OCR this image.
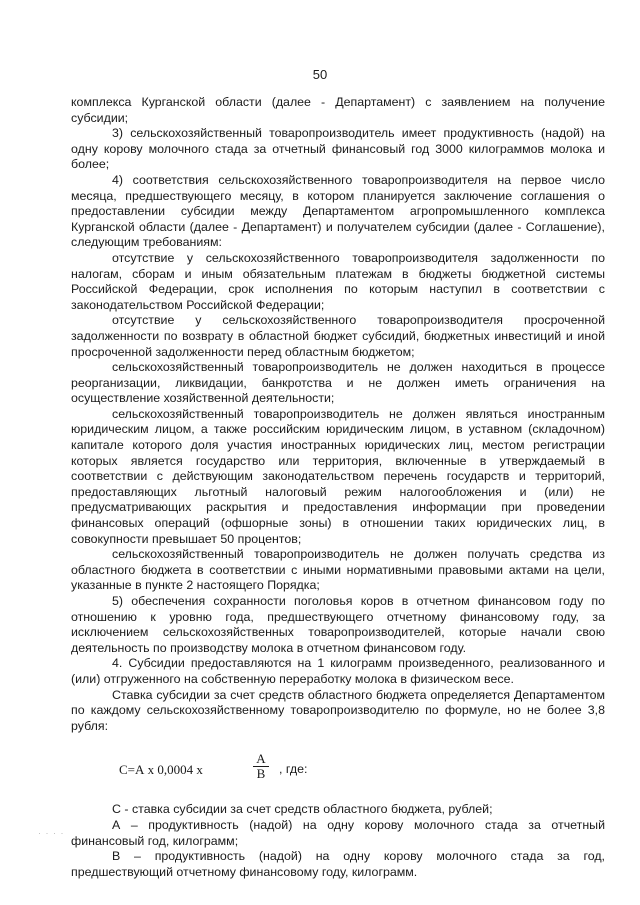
50

комплекса Курганской области (далее - Департамент) с заявлением на получение субсидии;

3) сельскохозяйственный товаропроизводитель имеет продуктивность (надой) на одну корову молочного стада за отчетный финансовый год 3000 килограммов молока и более;

4) соответствия сельскохозяйственного товаропроизводителя на первое число месяца, предшествующего месяцу, в котором планируется заключение соглашения о предоставлении субсидии между Департаментом агропромышленного комплекса Курганской области (далее - Департамент) и получателем субсидии (далее - Соглашение), следующим требованиям:

отсутствие у сельскохозяйственного товаропроизводителя задолженности по налогам, сборам и иным обязательным платежам в бюджеты бюджетной системы Российской Федерации, срок исполнения по которым наступил в соответствии с законодательством Российской Федерации;

отсутствие у сельскохозяйственного товаропроизводителя просроченной задолженности по возврату в областной бюджет субсидий, бюджетных инвестиций и иной просроченной задолженности перед областным бюджетом;

сельскохозяйственный товаропроизводитель не должен находиться в процессе реорганизации, ликвидации, банкротства и не должен иметь ограничения на осуществление хозяйственной деятельности;

сельскохозяйственный товаропроизводитель не должен являться иностранным юридическим лицом, а также российским юридическим лицом, в уставном (складочном) капитале которого доля участия иностранных юридических лиц, местом регистрации которых является государство или территория, включенные в утверждаемый в соответствии с действующим законодательством перечень государств и территорий, предоставляющих льготный налоговый режим налогообложения и (или) не предусматривающих раскрытия и предоставления информации при проведении финансовых операций (офшорные зоны) в отношении таких юридических лиц, в совокупности превышает 50 процентов;

сельскохозяйственный товаропроизводитель не должен получать средства из областного бюджета в соответствии с иными нормативными правовыми актами на цели, указанные в пункте 2 настоящего Порядка;

5) обеспечения сохранности поголовья коров в отчетном финансовом году по отношению к уровню года, предшествующего отчетному финансовому году, за исключением сельскохозяйственных товаропроизводителей, которые начали свою деятельность по производству молока в отчетном финансовом году.

4. Субсидии предоставляются на 1 килограмм произведенного, реализованного и (или) отгруженного на собственную переработку молока в физическом весе.

Ставка субсидии за счет средств областного бюджета определяется Департаментом по каждому сельскохозяйственному товаропроизводителю по формуле, но не более 3,8 рубля:

С=А х 0,0004 х
А
В , где:

С - ставка субсидии за счет средств областного бюджета, рублей;

А – продуктивность (надой) на одну корову молочного стада за отчетный финансовый год, килограмм;

В – продуктивность (надой) на одну корову молочного стада за год, предшествующий отчетному финансовому году, килограмм.

· · · ·
